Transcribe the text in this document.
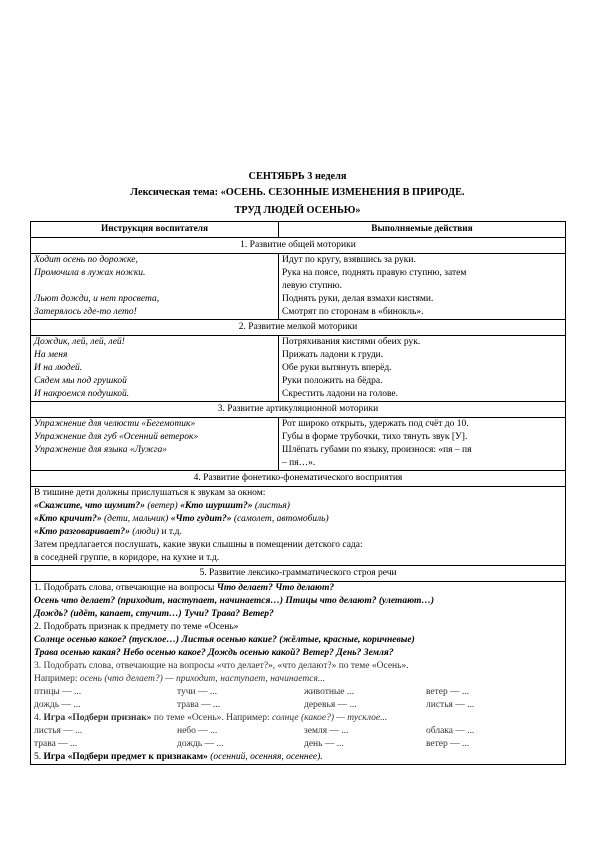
СЕНТЯБРЬ 3 неделя
Лексическая тема: «ОСЕНЬ. СЕЗОННЫЕ ИЗМЕНЕНИЯ В ПРИРОДЕ.
ТРУД ЛЮДЕЙ ОСЕНЬЮ»
Инструкция воспитателя	Выполняемые действия
1. Развитие общей моторики

Ходит осень по дорожке,
Промочила в лужах ножки.
Льют дожди, и нет просвета,
Затерялось где-то лето!

Идут по кругу, взявшись за руки.
Рука на поясе, поднять правую ступню, затем
левую ступню.
Поднять руки, делая взмахи кистями.
Смотрят по сторонам в «бинокль».

2. Развитие мелкой моторики

Дождик, лей, лей, лей!
На меня
И на людей.
Сядем мы под грушкой
И накроемся подушкой.

Потряхивания кистями обеих рук.
Прижать ладони к груди.
Обе руки вытянуть вперёд.
Руки положить на бёдра.
Скрестить ладони на голове.

3. Развитие артикуляционной моторики

Упражнение для челюсти «Бегемотик»
Упражнение для губ «Осенний ветерок»
Упражнение для языка «Лужга»

Рот широко открыть, удержать под счёт до 10.
Губы в форме трубочки, тихо тянуть звук [У].
Шлёпать губами по языку, произнося: «пя – пя
– пя…».

4. Развитие фонетико-фонематического восприятия

В тишине дети должны прислушаться к звукам за окном:
«Скажите, что шумит?» (ветер) «Кто шуршит?» (листья)
«Кто кричит?» (дети, мальчик) «Что гудит?» (самолет, автомобиль)
«Кто разговаривает?» (люди) и т.д.
Затем предлагается послушать, какие звуки слышны в помещении детского сада:
в соседней группе, в коридоре, на кухне и т.д.

5. Развитие лексико-грамматического строя речи

1. Подобрать слова, отвечающие на вопросы Что делает? Что делают?
Осень что делает? (приходит, наступает, начинается…) Птицы что делают? (улетают…)
Дождь? (идёт, капает, стучит…) Тучи? Трава? Ветер?
2. Подобрать признак к предмету по теме «Осень»
Солнце осенью какое? (тусклое…) Листья осенью какие? (жёлтые, красные, коричневые)
Трава осенью какая? Небо осенью какое? Дождь осенью какой? Ветер? День? Земля?
3. Подобрать слова, отвечающие на вопросы «что делает?», «что делают?» по теме «Осень».
Например: осень (что делает?) — приходит, наступает, начинается...
птицы — ...	тучи — ...	животные ...	ветер — ...
дождь — ...	трава — ...	деревья — ...	листья — ...
4. Игра «Подбери признак» по теме «Осень». Например: солнце (какое?) — тусклое...
листья — ...	небо — ...	земля — ...	облака — ...
трава — ...	дождь — ...	день — ...	ветер — ...
5. Игра «Подбери предмет к признакам» (осенний, осенняя, осеннее).
